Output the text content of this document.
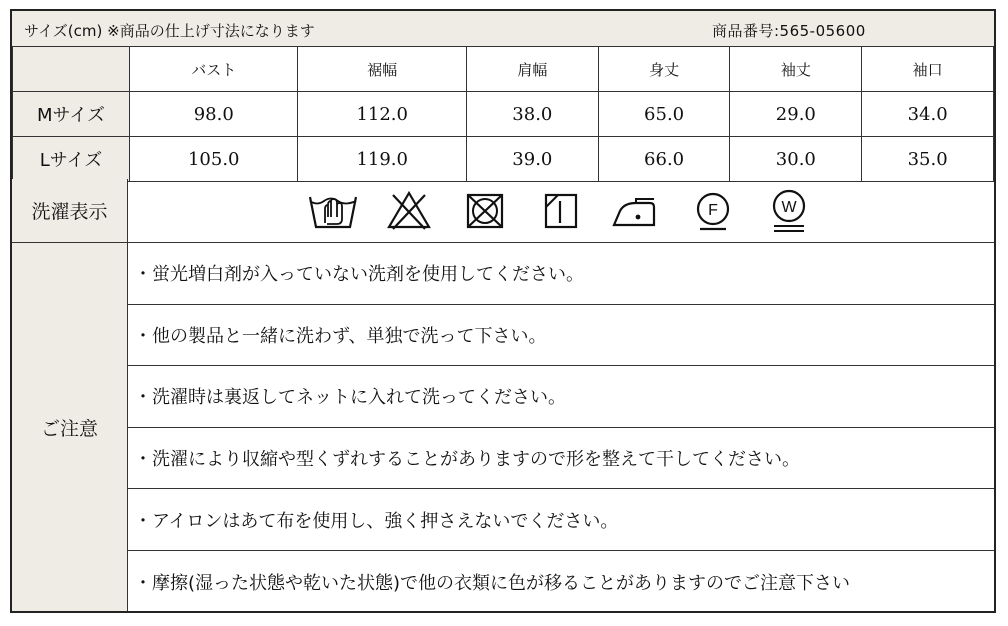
サイズ(cm) ※商品の仕上げ寸法になります	商品番号:565-05600
	バスト	裾幅	肩幅	身丈	袖丈	袖口
Mサイズ	98.0	112.0	38.0	65.0	29.0	34.0
Lサイズ	105.0	119.0	39.0	66.0	30.0	35.0
洗濯表示	F	W
ご注意
・蛍光増白剤が入っていない洗剤を使用してください。
・他の製品と一緒に洗わず、単独で洗って下さい。
・洗濯時は裏返してネットに入れて洗ってください。
・洗濯により収縮や型くずれすることがありますので形を整えて干してください。
・アイロンはあて布を使用し、強く押さえないでください。
・摩擦(湿った状態や乾いた状態)で他の衣類に色が移ることがありますのでご注意下さい
